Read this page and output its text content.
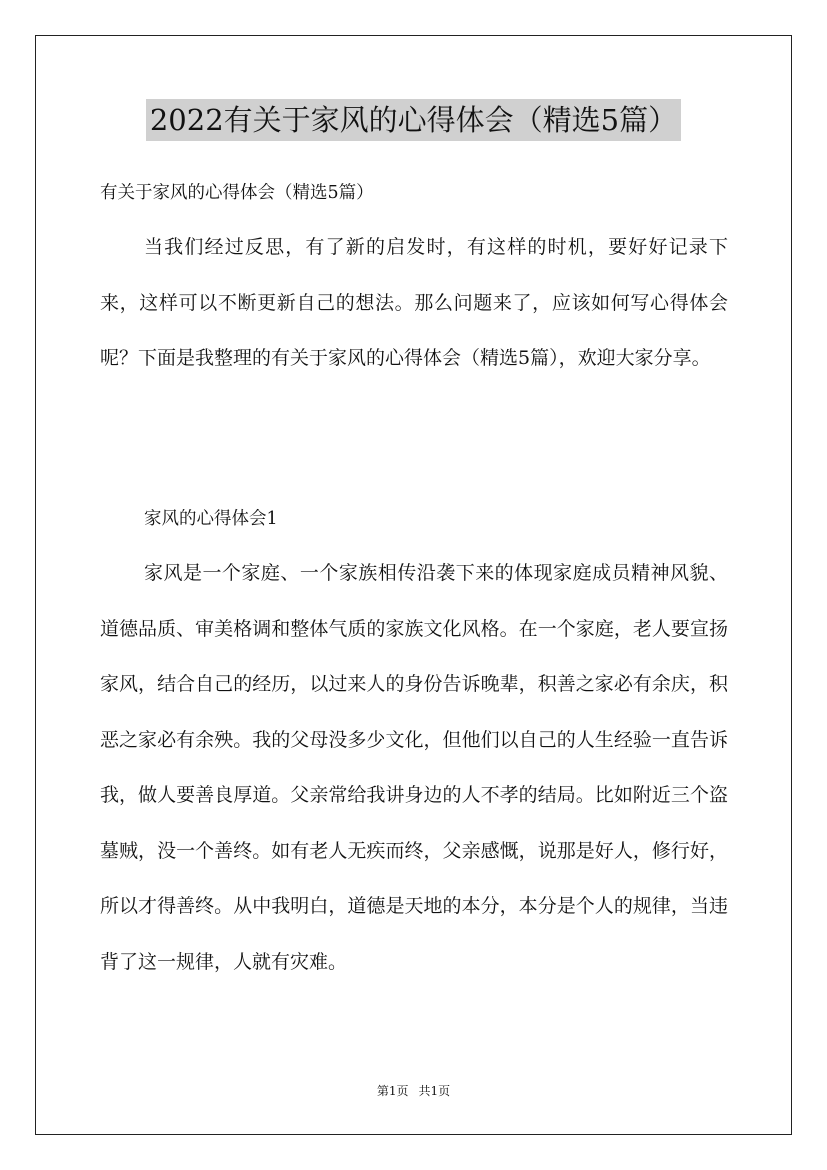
2022有关于家风的心得体会（精选5篇）
有关于家风的心得体会（精选5篇）

当我们经过反思，有了新的启发时，有这样的时机，要好好记录下来，这样可以不断更新自己的想法。那么问题来了，应该如何写心得体会呢？下面是我整理的有关于家风的心得体会（精选5篇），欢迎大家分享。

家风的心得体会1

家风是一个家庭、一个家族相传沿袭下来的体现家庭成员精神风貌、道德品质、审美格调和整体气质的家族文化风格。在一个家庭，老人要宣扬家风，结合自己的经历，以过来人的身份告诉晚辈，积善之家必有余庆，积恶之家必有余殃。我的父母没多少文化，但他们以自己的人生经验一直告诉我，做人要善良厚道。父亲常给我讲身边的人不孝的结局。比如附近三个盗墓贼，没一个善终。如有老人无疾而终，父亲感慨，说那是好人，修行好，所以才得善终。从中我明白，道德是天地的本分，本分是个人的规律，当违背了这一规律，人就有灾难。

第1页 共1页
